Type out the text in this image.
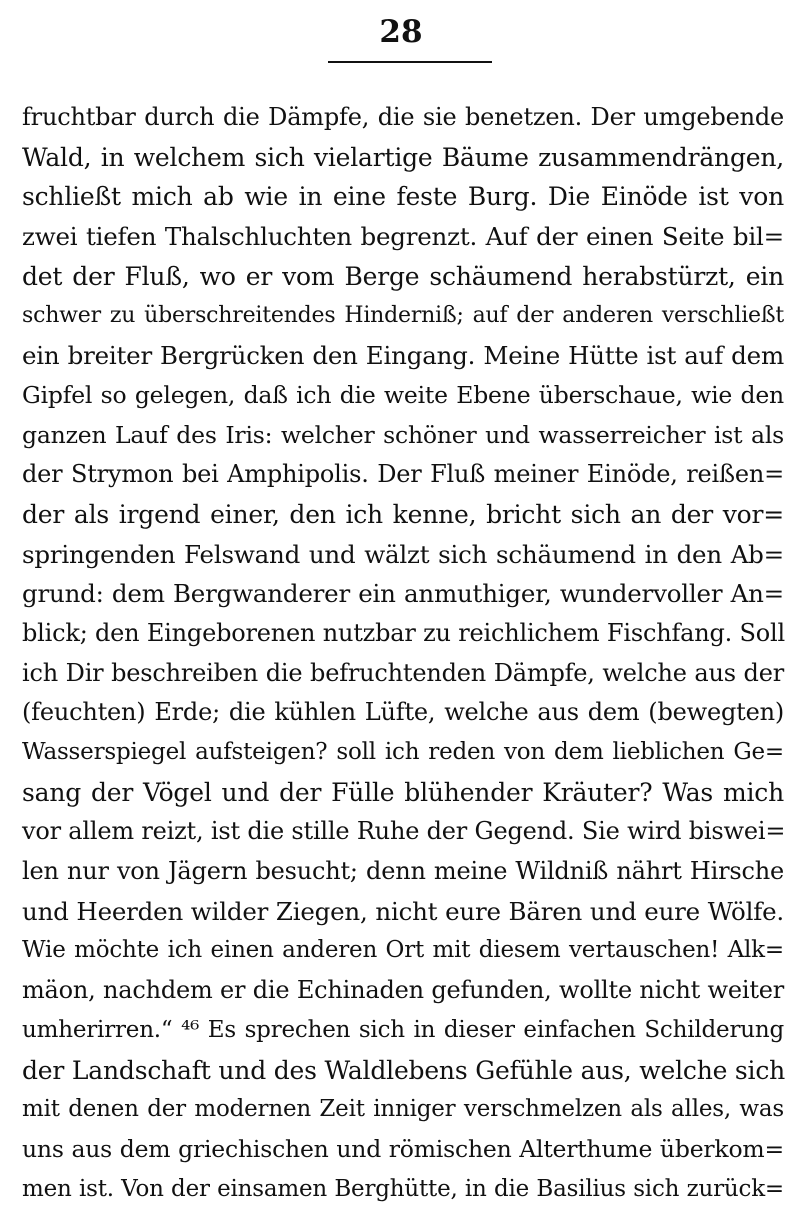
28
fruchtbar durch die Dämpfe, die sie benetzen. Der umgebende
Wald, in welchem sich vielartige Bäume zusammendrängen,
schließt mich ab wie in eine feste Burg. Die Einöde ist von
zwei tiefen Thalschluchten begrenzt. Auf der einen Seite bil=
det der Fluß, wo er vom Berge schäumend herabstürzt, ein
schwer zu überschreitendes Hinderniß; auf der anderen verschließt
ein breiter Bergrücken den Eingang. Meine Hütte ist auf dem
Gipfel so gelegen, daß ich die weite Ebene überschaue, wie den
ganzen Lauf des Iris: welcher schöner und wasserreicher ist als
der Strymon bei Amphipolis. Der Fluß meiner Einöde, reißen=
der als irgend einer, den ich kenne, bricht sich an der vor=
springenden Felswand und wälzt sich schäumend in den Ab=
grund: dem Bergwanderer ein anmuthiger, wundervoller An=
blick; den Eingeborenen nutzbar zu reichlichem Fischfang. Soll
ich Dir beschreiben die befruchtenden Dämpfe, welche aus der
(feuchten) Erde; die kühlen Lüfte, welche aus dem (bewegten)
Wasserspiegel aufsteigen? soll ich reden von dem lieblichen Ge=
sang der Vögel und der Fülle blühender Kräuter? Was mich
vor allem reizt, ist die stille Ruhe der Gegend. Sie wird biswei=
len nur von Jägern besucht; denn meine Wildniß nährt Hirsche
und Heerden wilder Ziegen, nicht eure Bären und eure Wölfe.
Wie möchte ich einen anderen Ort mit diesem vertauschen! Alk=
mäon, nachdem er die Echinaden gefunden, wollte nicht weiter
umherirren.“ ⁴⁶ Es sprechen sich in dieser einfachen Schilderung
der Landschaft und des Waldlebens Gefühle aus, welche sich
mit denen der modernen Zeit inniger verschmelzen als alles, was
uns aus dem griechischen und römischen Alterthume überkom=
men ist. Von der einsamen Berghütte, in die Basilius sich zurück=
